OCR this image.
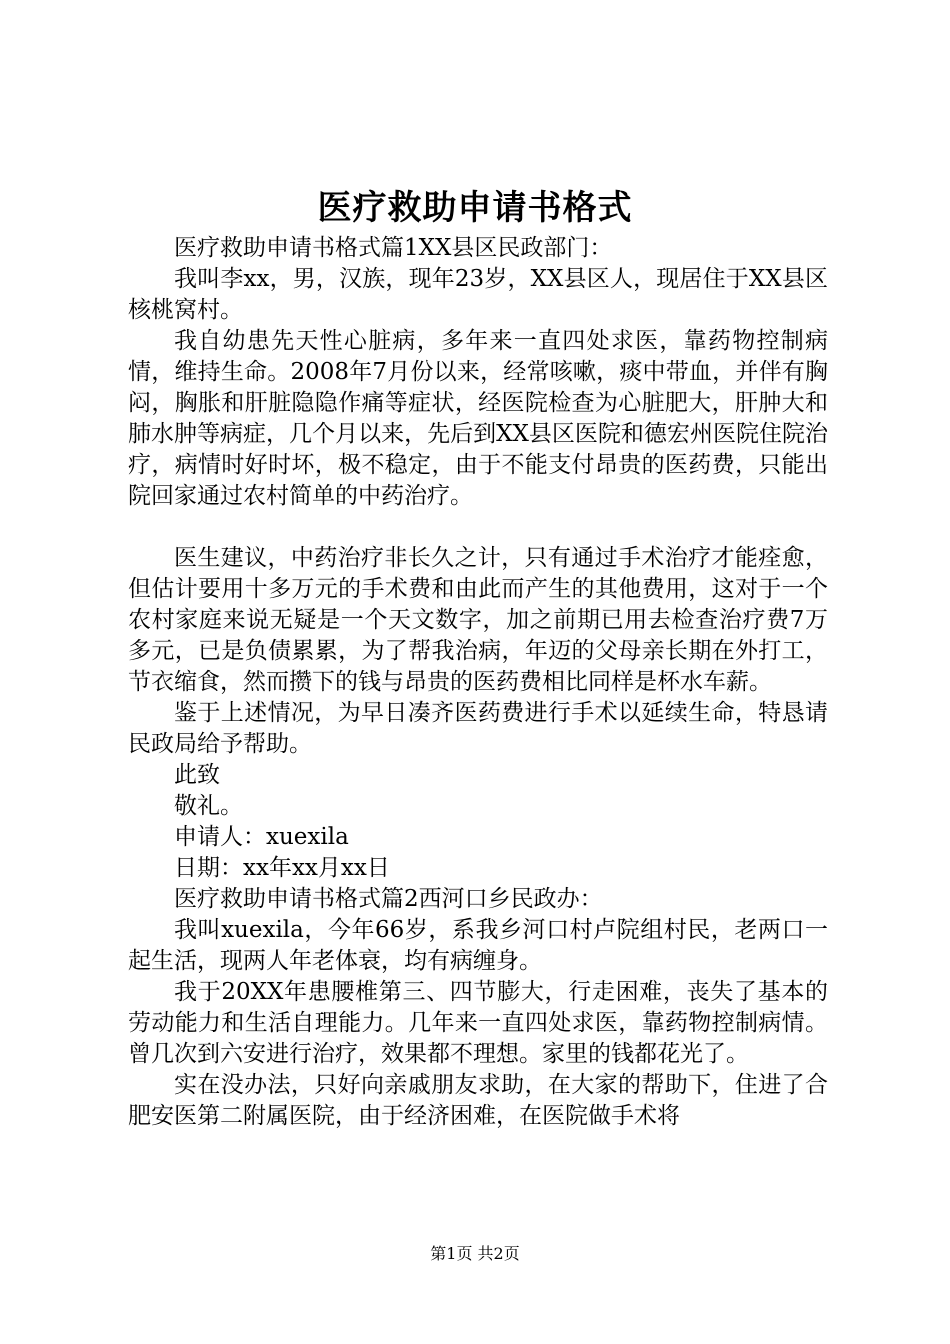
医疗救助申请书格式

医疗救助申请书格式篇1XX县区民政部门：

我叫李xx，男，汉族，现年23岁，XX县区人，现居住于XX县区核桃窝村。

我自幼患先天性心脏病，多年来一直四处求医，靠药物控制病情，维持生命。2008年7月份以来，经常咳嗽，痰中带血，并伴有胸闷，胸胀和肝脏隐隐作痛等症状，经医院检查为心脏肥大，肝肿大和肺水肿等病症，几个月以来，先后到XX县区医院和德宏州医院住院治疗，病情时好时坏，极不稳定，由于不能支付昂贵的医药费，只能出院回家通过农村简单的中药治疗。

医生建议，中药治疗非长久之计，只有通过手术治疗才能痊愈，但估计要用十多万元的手术费和由此而产生的其他费用，这对于一个农村家庭来说无疑是一个天文数字，加之前期已用去检查治疗费7万多元，已是负债累累，为了帮我治病，年迈的父母亲长期在外打工，节衣缩食，然而攒下的钱与昂贵的医药费相比同样是杯水车薪。

鉴于上述情况，为早日凑齐医药费进行手术以延续生命，特恳请民政局给予帮助。

此致

敬礼。

申请人：xuexila

日期：xx年xx月xx日

医疗救助申请书格式篇2西河口乡民政办：

我叫xuexila，今年66岁，系我乡河口村卢院组村民，老两口一起生活，现两人年老体衰，均有病缠身。

我于20XX年患腰椎第三、四节膨大，行走困难，丧失了基本的劳动能力和生活自理能力。几年来一直四处求医，靠药物控制病情。曾几次到六安进行治疗，效果都不理想。家里的钱都花光了。

实在没办法，只好向亲戚朋友求助，在大家的帮助下，住进了合肥安医第二附属医院，由于经济困难，在医院做手术将

第1页 共2页
